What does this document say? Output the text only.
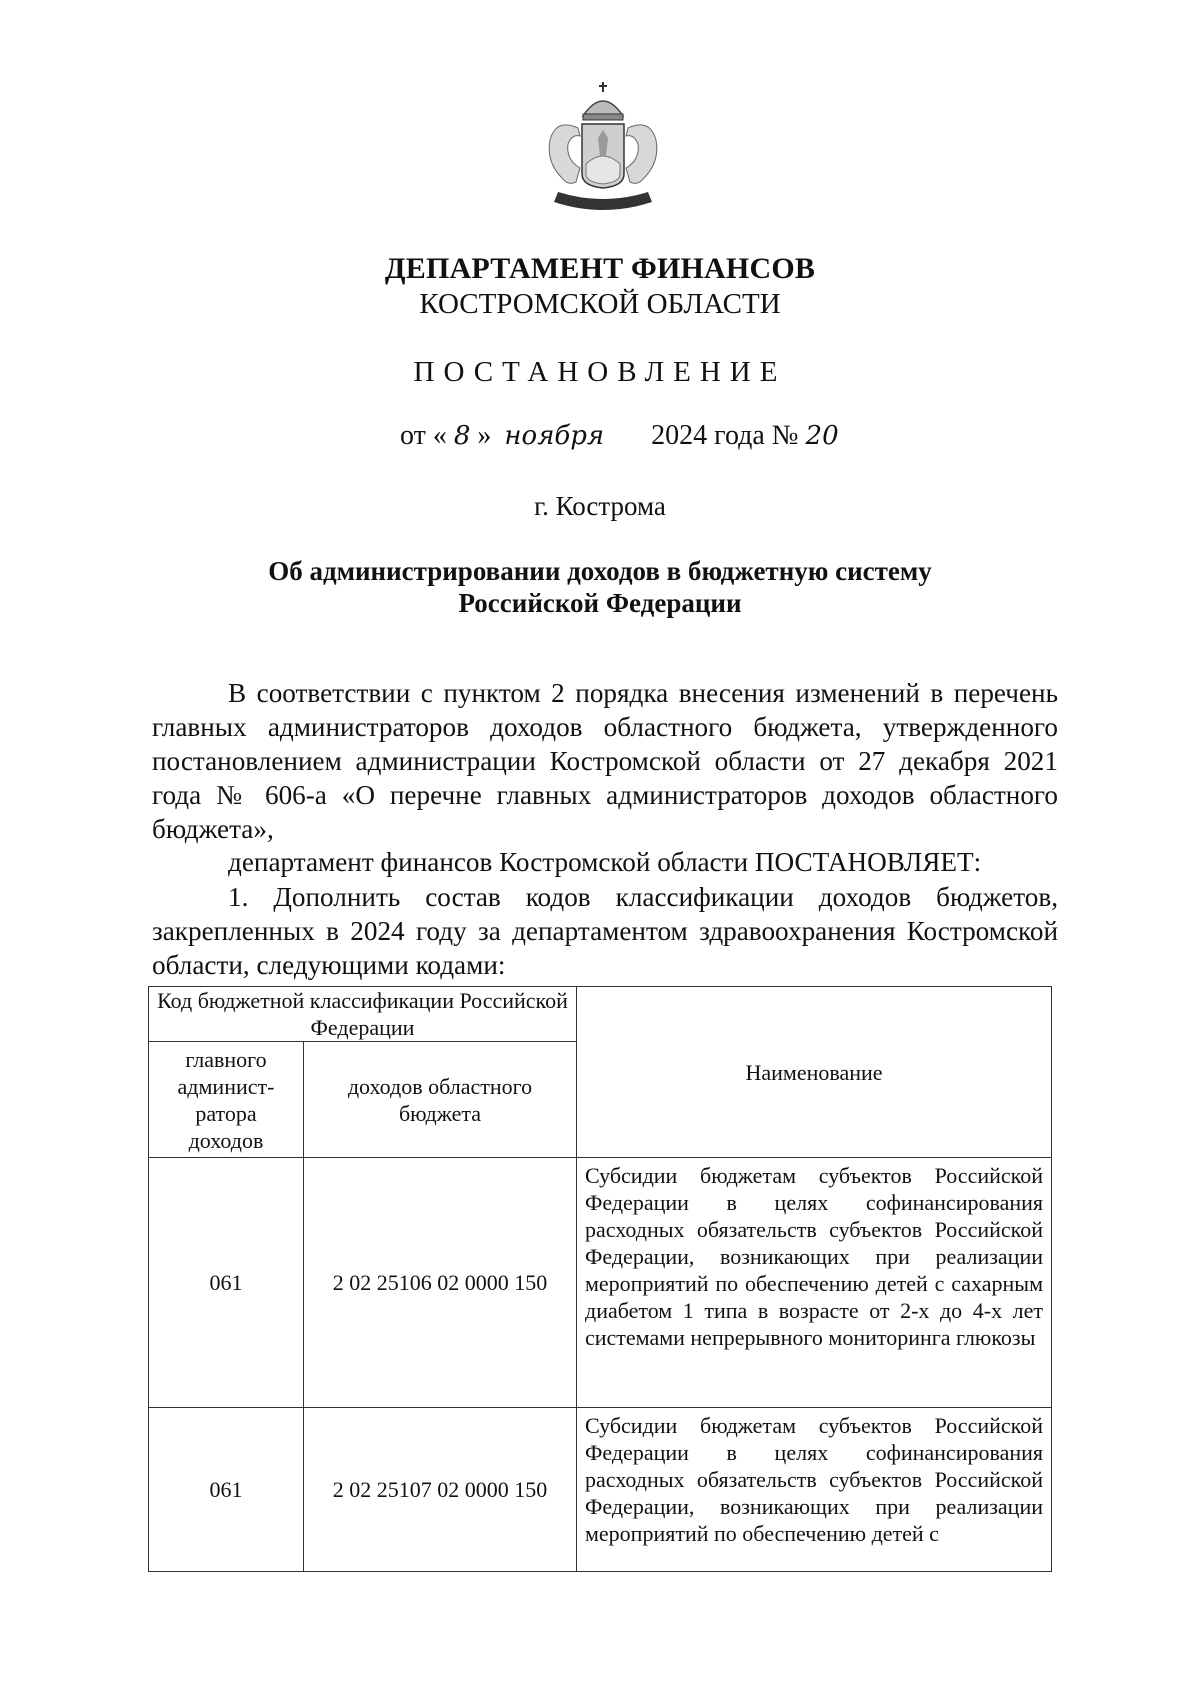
ДЕПАРТАМЕНТ ФИНАНСОВ
КОСТРОМСКОЙ ОБЛАСТИ
ПОСТАНОВЛЕНИЕ
от « 8 » ноября 2024 года № 20
г. Кострома
Об администрировании доходов в бюджетную систему
Российской Федерации
В соответствии с пунктом 2 порядка внесения изменений в перечень главных администраторов доходов областного бюджета, утвержденного постановлением администрации Костромской области от 27 декабря 2021 года № 606-а «О перечне главных администраторов доходов областного бюджета»,
департамент финансов Костромской области ПОСТАНОВЛЯЕТ:
1. Дополнить состав кодов классификации доходов бюджетов, закрепленных в 2024 году за департаментом здравоохранения Костромской области, следующими кодами:
Код бюджетной классификации Российской Федерации		Наименование
главного админист-ратора доходов	доходов областного бюджета	
061	2 02 25106 02 0000 150	Субсидии бюджетам субъектов Российской Федерации в целях софинансирования расходных обязательств субъектов Российской Федерации, возникающих при реализации мероприятий по обеспечению детей с сахарным диабетом 1 типа в возрасте от 2-х до 4-х лет системами непрерывного мониторинга глюкозы
061	2 02 25107 02 0000 150	Субсидии бюджетам субъектов Российской Федерации в целях софинансирования расходных обязательств субъектов Российской Федерации, возникающих при реализации мероприятий по обеспечению детей с
